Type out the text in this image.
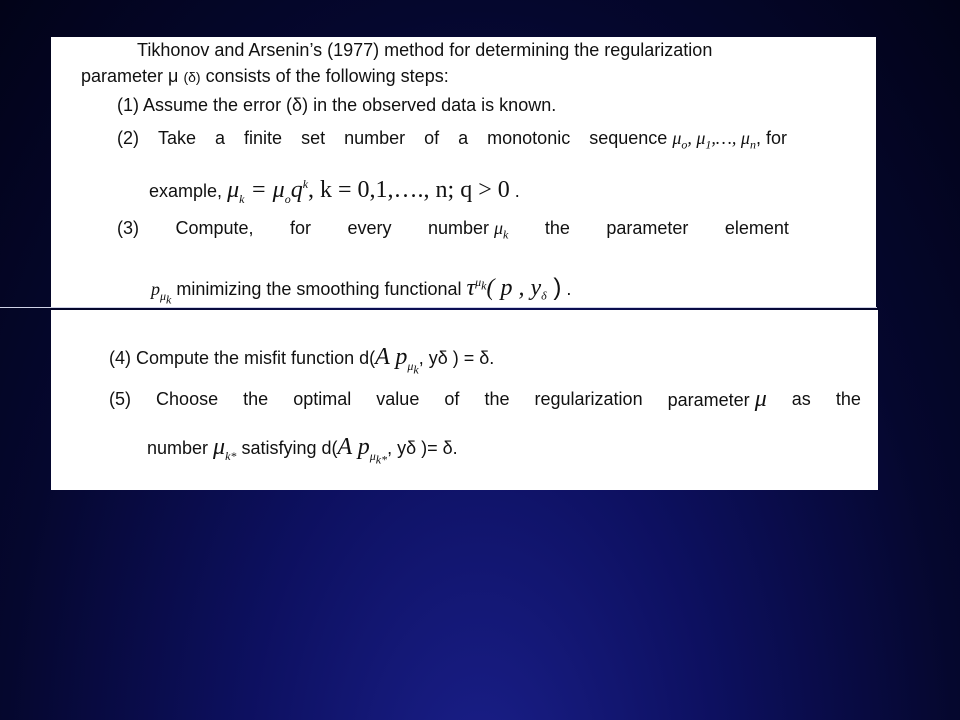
Tikhonov and Arsenin’s (1977) method for determining the regularization
parameter μ (δ) consists of the following steps:
(1) Assume the error (δ) in the observed data is known.
(2) Take a finite set number of a monotonic sequence $\mu_o$, $\mu_1,\dots$, $\mu_n$, for
example, $\mu_k = \mu_oq^k$, k = 0,1,…., n; q > 0 .
(3) Compute, for every number $\mu_k$ the parameter element
$p_{\mu_k}$ minimizing the smoothing functional $\tau^{\mu_k}$( p , $y_\delta$ ) .
(4) Compute the misfit function d(A $p_{\mu_k}$, yδ ) = δ.
(5) Choose the optimal value of the regularization parameter μ as the
number $\mu_{k*}$ satisfying d(A $p_{\mu_{k*}}$, yδ )= δ.
